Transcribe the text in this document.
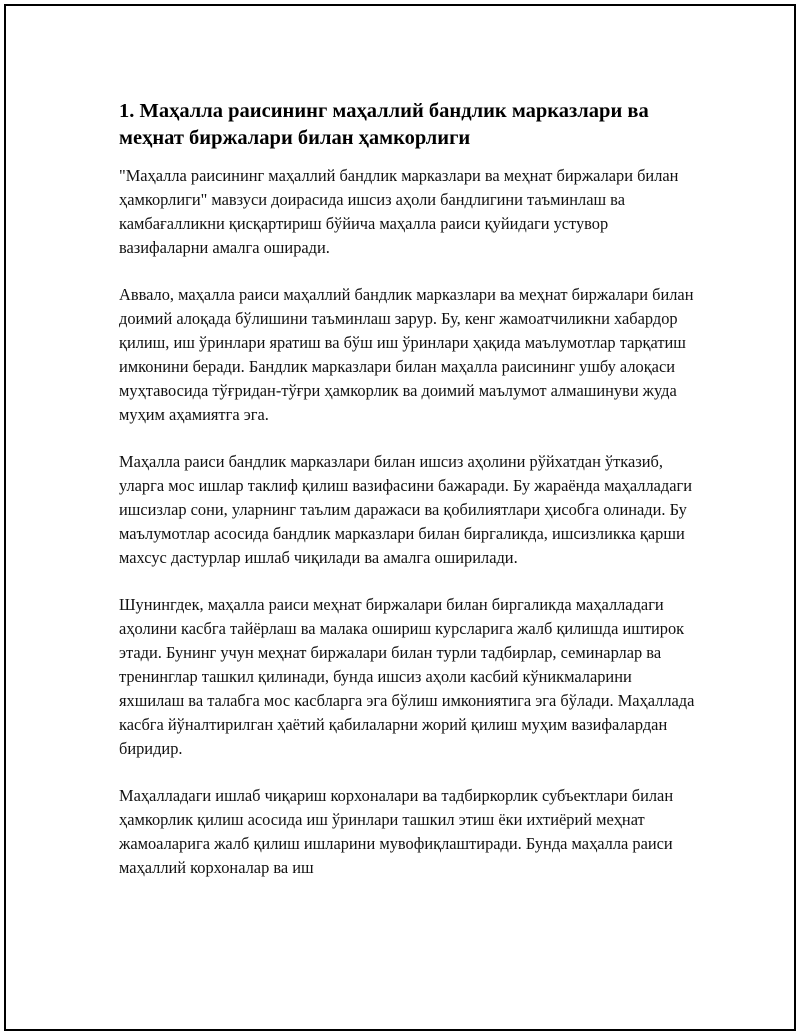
1. Маҳалла раисининг маҳаллий бандлик марказлари ва меҳнат биржалари билан ҳамкорлиги

"Маҳалла раисининг маҳаллий бандлик марказлари ва меҳнат биржалари билан ҳамкорлиги" мавзуси доирасида ишсиз аҳоли бандлигини таъминлаш ва камбағалликни қисқартириш бўйича маҳалла раиси қуйидаги устувор вазифаларни амалга оширади.

Аввало, маҳалла раиси маҳаллий бандлик марказлари ва меҳнат биржалари билан доимий алоқада бўлишини таъминлаш зарур. Бу, кенг жамоатчиликни хабардор қилиш, иш ўринлари яратиш ва бўш иш ўринлари ҳақида маълумотлар тарқатиш имконини беради. Бандлик марказлари билан маҳалла раисининг ушбу алоқаси муҳтавосида тўғридан-тўғри ҳамкорлик ва доимий маълумот алмашинуви жуда муҳим аҳамиятга эга.

Маҳалла раиси бандлик марказлари билан ишсиз аҳолини рўйхатдан ўтказиб, уларга мос ишлар таклиф қилиш вазифасини бажаради. Бу жараёнда маҳалладаги ишсизлар сони, уларнинг таълим даражаси ва қобилиятлари ҳисобга олинади. Бу маълумотлар асосида бандлик марказлари билан биргаликда, ишсизликка қарши махсус дастурлар ишлаб чиқилади ва амалга оширилади.

Шунингдек, маҳалла раиси меҳнат биржалари билан биргаликда маҳалладаги аҳолини касбга тайёрлаш ва малака ошириш курсларига жалб қилишда иштирок этади. Бунинг учун меҳнат биржалари билан турли тадбирлар, семинарлар ва тренинглар ташкил қилинади, бунда ишсиз аҳоли касбий кўникмаларини яхшилаш ва талабга мос касбларга эга бўлиш имкониятига эга бўлади. Маҳаллада касбга йўналтирилган ҳаётий қабилаларни жорий қилиш муҳим вазифалардан биридир.

Маҳалладаги ишлаб чиқариш корхоналари ва тадбиркорлик субъектлари билан ҳамкорлик қилиш асосида иш ўринлари ташкил этиш ёки ихтиёрий меҳнат жамоаларига жалб қилиш ишларини мувофиқлаштиради. Бунда маҳалла раиси маҳаллий корхоналар ва иш
